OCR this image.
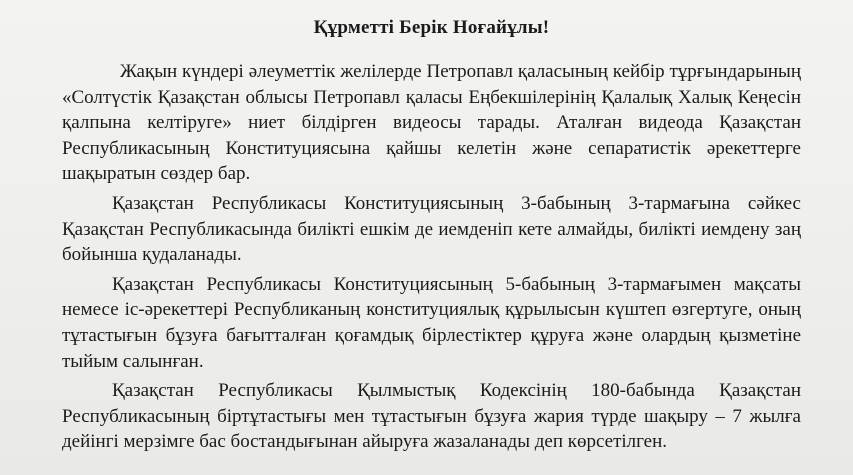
Құрметті Берік Ноғайұлы!

Жақын күндері әлеуметтік желілерде Петропавл қаласының кейбір тұрғындарының «Солтүстік Қазақстан облысы Петропавл қаласы Еңбекшілерінің Қалалық Халық Кеңесін қалпына келтіруге» ниет білдірген видеосы тарады. Аталған видеода Қазақстан Республикасының Конституциясына қайшы келетін және сепаратистік әрекеттерге шақыратын сөздер бар.

Қазақстан Республикасы Конституциясының 3-бабының 3-тармағына сәйкес Қазақстан Республикасында билікті ешкім де иемденіп кете алмайды, билікті иемдену заң бойынша қудаланады.

Қазақстан Республикасы Конституциясының 5-бабының 3-тармағымен мақсаты немесе іс-әрекеттері Республиканың конституциялық құрылысын күштеп өзгертуге, оның тұтастығын бұзуға бағытталған қоғамдық бірлестіктер құруға және олардың қызметіне тыйым салынған.

Қазақстан Республикасы Қылмыстық Кодексінің 180-бабында Қазақстан Республикасының біртұтастығы мен тұтастығын бұзуға жария түрде шақыру – 7 жылға дейінгі мерзімге бас бостандығынан айыруға жазаланады деп көрсетілген.
